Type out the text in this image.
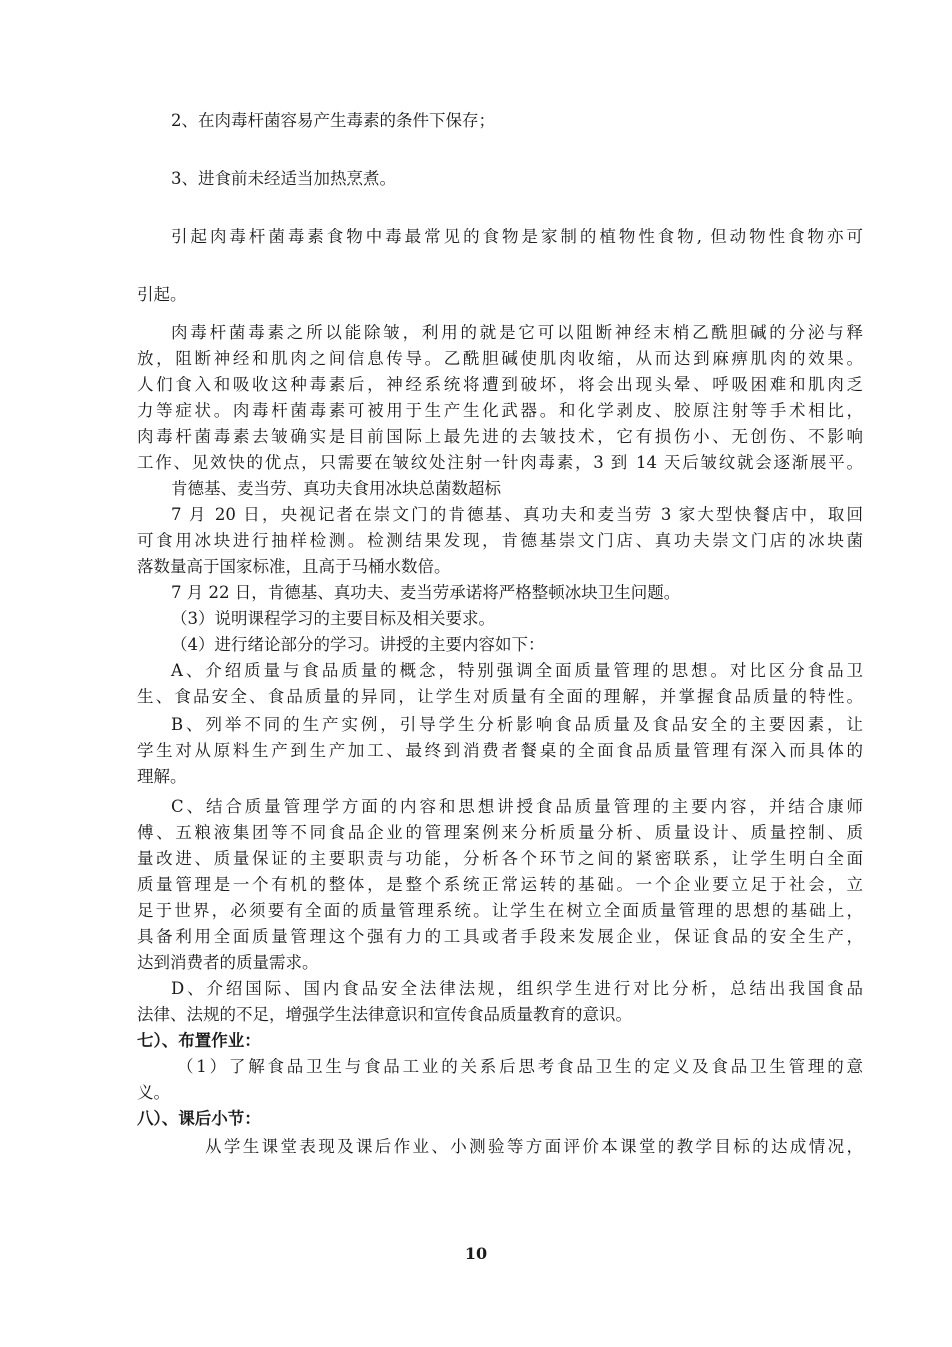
2、在肉毒杆菌容易产生毒素的条件下保存；
3、进食前未经适当加热烹煮。
引起肉毒杆菌毒素食物中毒最常见的食物是家制的植物性食物, 但动物性食物亦可
引起。
肉毒杆菌毒素之所以能除皱，利用的就是它可以阻断神经末梢乙酰胆碱的分泌与释
放，阻断神经和肌肉之间信息传导。乙酰胆碱使肌肉收缩，从而达到麻痹肌肉的效果。
人们食入和吸收这种毒素后，神经系统将遭到破坏，将会出现头晕、呼吸困难和肌肉乏
力等症状。肉毒杆菌毒素可被用于生产生化武器。和化学剥皮、胶原注射等手术相比，
肉毒杆菌毒素去皱确实是目前国际上最先进的去皱技术，它有损伤小、无创伤、不影响
工作、见效快的优点，只需要在皱纹处注射一针肉毒素，3 到 14 天后皱纹就会逐渐展平。
肯德基、麦当劳、真功夫食用冰块总菌数超标
7 月 20 日，央视记者在崇文门的肯德基、真功夫和麦当劳 3 家大型快餐店中，取回
可食用冰块进行抽样检测。检测结果发现，肯德基崇文门店、真功夫崇文门店的冰块菌
落数量高于国家标准，且高于马桶水数倍。
7 月 22 日，肯德基、真功夫、麦当劳承诺将严格整顿冰块卫生问题。
（3）说明课程学习的主要目标及相关要求。
（4）进行绪论部分的学习。讲授的主要内容如下：
A、介绍质量与食品质量的概念，特别强调全面质量管理的思想。对比区分食品卫
生、食品安全、食品质量的异同，让学生对质量有全面的理解，并掌握食品质量的特性。
B、列举不同的生产实例，引导学生分析影响食品质量及食品安全的主要因素，让
学生对从原料生产到生产加工、最终到消费者餐桌的全面食品质量管理有深入而具体的
理解。
C、结合质量管理学方面的内容和思想讲授食品质量管理的主要内容，并结合康师
傅、五粮液集团等不同食品企业的管理案例来分析质量分析、质量设计、质量控制、质
量改进、质量保证的主要职责与功能，分析各个环节之间的紧密联系，让学生明白全面
质量管理是一个有机的整体，是整个系统正常运转的基础。一个企业要立足于社会，立
足于世界，必须要有全面的质量管理系统。让学生在树立全面质量管理的思想的基础上，
具备利用全面质量管理这个强有力的工具或者手段来发展企业，保证食品的安全生产，
达到消费者的质量需求。
D、介绍国际、国内食品安全法律法规，组织学生进行对比分析，总结出我国食品
法律、法规的不足，增强学生法律意识和宣传食品质量教育的意识。
七）、布置作业：
（1）了解食品卫生与食品工业的关系后思考食品卫生的定义及食品卫生管理的意
义。
八）、课后小节：
从学生课堂表现及课后作业、小测验等方面评价本课堂的教学目标的达成情况，
10
